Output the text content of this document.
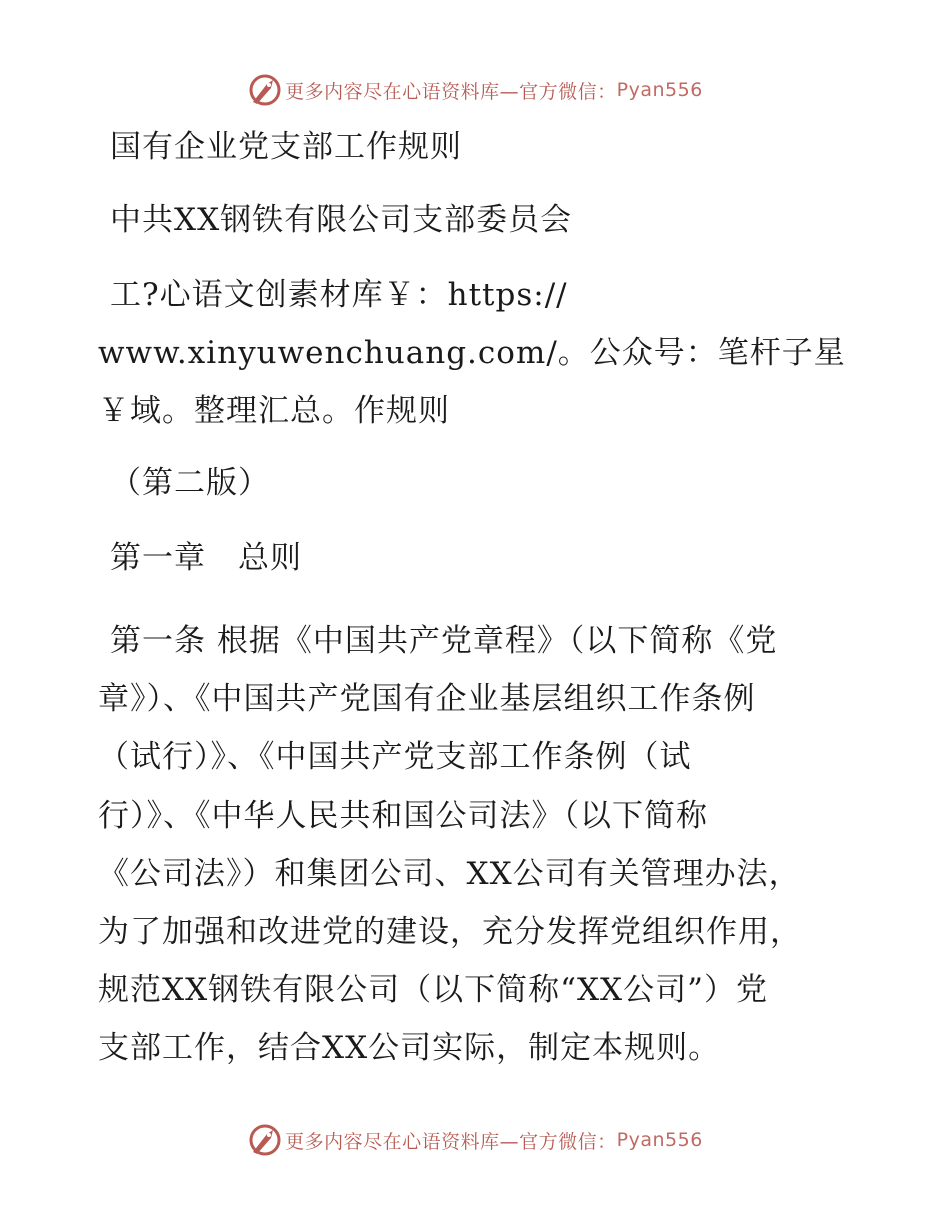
更多内容尽在心语资料库—官方微信： Pyan556
国有企业党支部工作规则
中共XX钢铁有限公司支部委员会
工?心语文创素材库￥：https://
www.xinyuwenchuang.com/。公众号：笔杆子星
￥域。整理汇总。作规则
（第二版）
第一章　总则
第一条 根据《中国共产党章程》（以下简称《党
章》）、《中国共产党国有企业基层组织工作条例
（试行）》、《中国共产党支部工作条例（试
行）》、《中华人民共和国公司法》（以下简称
《公司法》）和集团公司、XX公司有关管理办法，
为了加强和改进党的建设，充分发挥党组织作用，
规范XX钢铁有限公司（以下简称“XX公司”）党
支部工作，结合XX公司实际，制定本规则。
更多内容尽在心语资料库—官方微信： Pyan556
